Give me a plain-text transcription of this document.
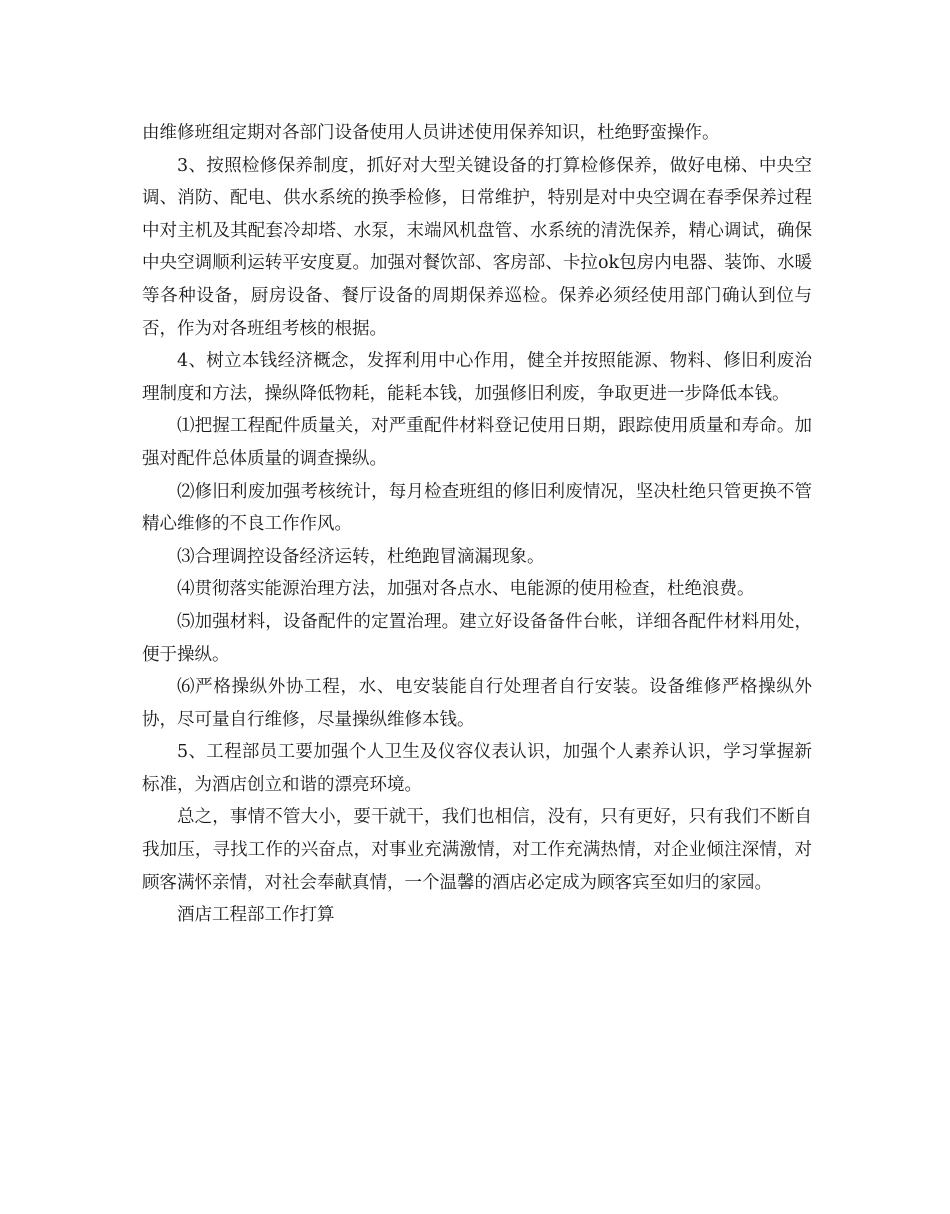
由维修班组定期对各部门设备使用人员讲述使用保养知识，杜绝野蛮操作。

3、按照检修保养制度，抓好对大型关键设备的打算检修保养，做好电梯、中央空调、消防、配电、供水系统的换季检修，日常维护，特别是对中央空调在春季保养过程中对主机及其配套冷却塔、水泵，末端风机盘管、水系统的清洗保养，精心调试，确保中央空调顺利运转平安度夏。加强对餐饮部、客房部、卡拉ok包房内电器、装饰、水暖等各种设备，厨房设备、餐厅设备的周期保养巡检。保养必须经使用部门确认到位与否，作为对各班组考核的根据。

4、树立本钱经济概念，发挥利用中心作用，健全并按照能源、物料、修旧利废治理制度和方法，操纵降低物耗，能耗本钱，加强修旧利废，争取更进一步降低本钱。

⑴把握工程配件质量关，对严重配件材料登记使用日期，跟踪使用质量和寿命。加强对配件总体质量的调查操纵。

⑵修旧利废加强考核统计，每月检查班组的修旧利废情况，坚决杜绝只管更换不管精心维修的不良工作作风。

⑶合理调控设备经济运转，杜绝跑冒滴漏现象。

⑷贯彻落实能源治理方法，加强对各点水、电能源的使用检查，杜绝浪费。

⑸加强材料，设备配件的定置治理。建立好设备备件台帐，详细各配件材料用处，便于操纵。

⑹严格操纵外协工程，水、电安装能自行处理者自行安装。设备维修严格操纵外协，尽可量自行维修，尽量操纵维修本钱。

5、工程部员工要加强个人卫生及仪容仪表认识，加强个人素养认识，学习掌握新标准，为酒店创立和谐的漂亮环境。

总之，事情不管大小，要干就干，我们也相信，没有，只有更好，只有我们不断自我加压，寻找工作的兴奋点，对事业充满激情，对工作充满热情，对企业倾注深情，对顾客满怀亲情，对社会奉献真情，一个温馨的酒店必定成为顾客宾至如归的家园。

酒店工程部工作打算
